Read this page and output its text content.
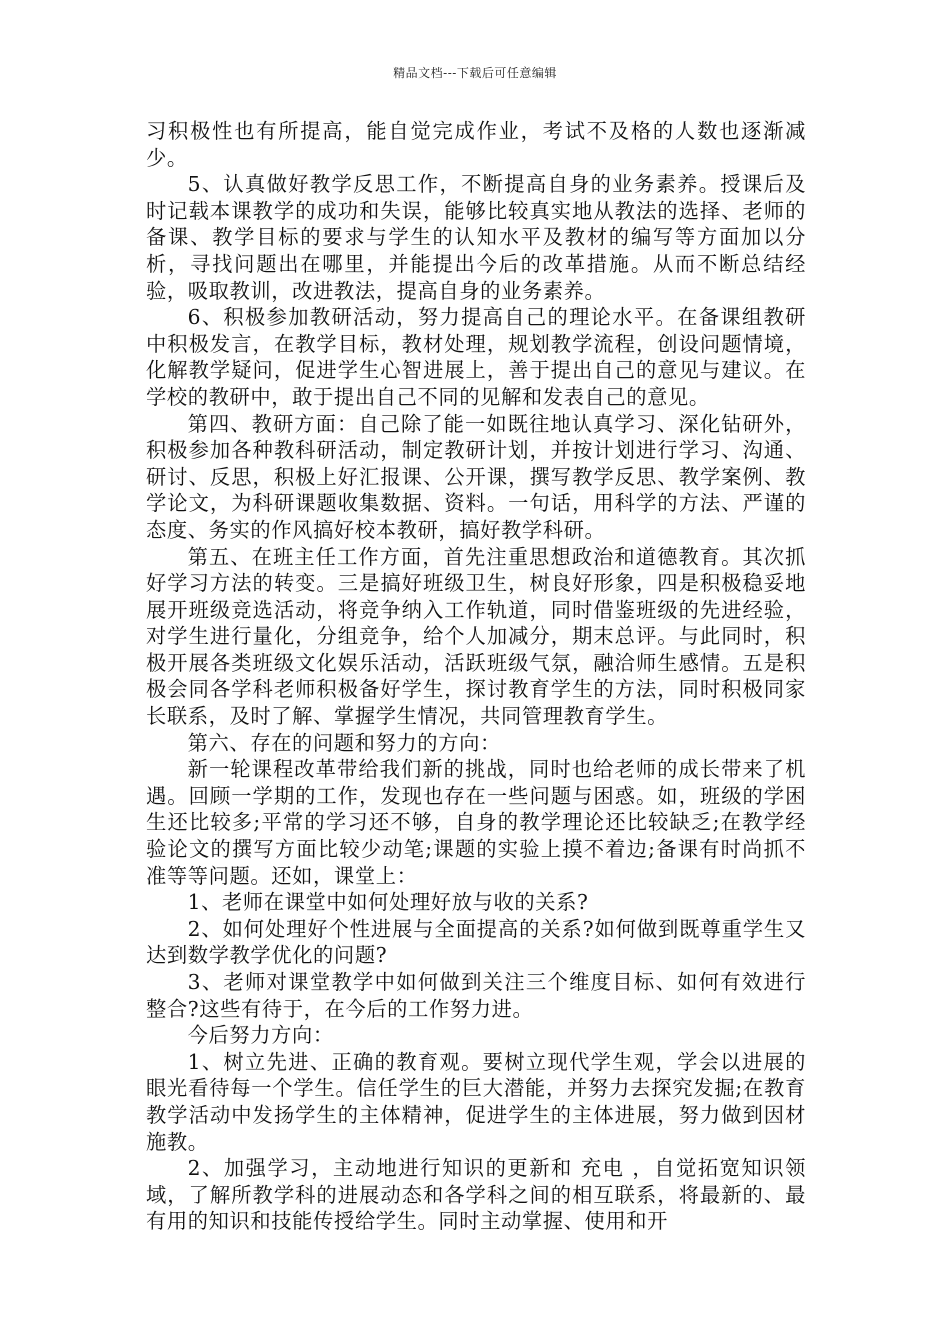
精品文档---下载后可任意编辑

习积极性也有所提高，能自觉完成作业，考试不及格的人数也逐渐减少。

5、认真做好教学反思工作，不断提高自身的业务素养。授课后及时记载本课教学的成功和失误，能够比较真实地从教法的选择、老师的备课、教学目标的要求与学生的认知水平及教材的编写等方面加以分析，寻找问题出在哪里，并能提出今后的改革措施。从而不断总结经验，吸取教训，改进教法，提高自身的业务素养。

6、积极参加教研活动，努力提高自己的理论水平。在备课组教研中积极发言，在教学目标，教材处理，规划教学流程，创设问题情境，化解教学疑问，促进学生心智进展上，善于提出自己的意见与建议。在学校的教研中，敢于提出自己不同的见解和发表自己的意见。

第四、教研方面：自己除了能一如既往地认真学习、深化钻研外，积极参加各种教科研活动，制定教研计划，并按计划进行学习、沟通、研讨、反思，积极上好汇报课、公开课，撰写教学反思、教学案例、教学论文，为科研课题收集数据、资料。一句话，用科学的方法、严谨的态度、务实的作风搞好校本教研，搞好教学科研。

第五、在班主任工作方面，首先注重思想政治和道德教育。其次抓好学习方法的转变。三是搞好班级卫生，树良好形象，四是积极稳妥地展开班级竞选活动，将竞争纳入工作轨道，同时借鉴班级的先进经验，对学生进行量化，分组竞争，给个人加减分，期末总评。与此同时，积极开展各类班级文化娱乐活动，活跃班级气氛，融洽师生感情。五是积极会同各学科老师积极备好学生，探讨教育学生的方法，同时积极同家长联系，及时了解、掌握学生情况，共同管理教育学生。

第六、存在的问题和努力的方向：

新一轮课程改革带给我们新的挑战，同时也给老师的成长带来了机遇。回顾一学期的工作，发现也存在一些问题与困惑。如，班级的学困生还比较多;平常的学习还不够，自身的教学理论还比较缺乏;在教学经验论文的撰写方面比较少动笔;课题的实验上摸不着边;备课有时尚抓不准等等问题。还如，课堂上：

1、老师在课堂中如何处理好放与收的关系?

2、如何处理好个性进展与全面提高的关系?如何做到既尊重学生又达到数学教学优化的问题?

3、老师对课堂教学中如何做到关注三个维度目标、如何有效进行整合?这些有待于，在今后的工作努力进。

今后努力方向：

1、树立先进、正确的教育观。要树立现代学生观，学会以进展的眼光看待每一个学生。信任学生的巨大潜能，并努力去探究发掘;在教育教学活动中发扬学生的主体精神，促进学生的主体进展，努力做到因材施教。

2、加强学习，主动地进行知识的更新和 充电 ，自觉拓宽知识领域，了解所教学科的进展动态和各学科之间的相互联系，将最新的、最有用的知识和技能传授给学生。同时主动掌握、使用和开
